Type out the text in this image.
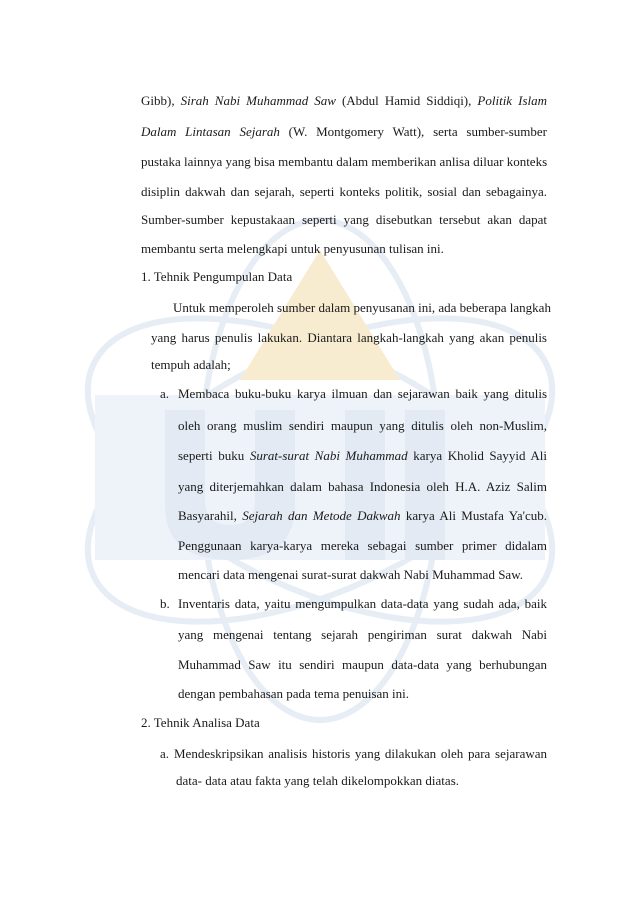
Gibb), Sirah Nabi Muhammad Saw (Abdul Hamid Siddiqi), Politik Islam
Dalam Lintasan Sejarah (W. Montgomery Watt), serta sumber-sumber
pustaka lainnya yang bisa membantu dalam memberikan anlisa diluar konteks
disiplin dakwah dan sejarah, seperti konteks politik, sosial dan sebagainya.
Sumber-sumber kepustakaan seperti yang disebutkan tersebut akan dapat
membantu serta melengkapi untuk penyusunan tulisan ini.
1. Tehnik Pengumpulan Data
Untuk memperoleh sumber dalam penyusanan ini, ada beberapa langkah
yang harus penulis lakukan. Diantara langkah-langkah yang akan penulis
tempuh adalah;
a. Membaca buku-buku karya ilmuan dan sejarawan baik yang ditulis
oleh orang muslim sendiri maupun yang ditulis oleh non-Muslim,
seperti buku Surat-surat Nabi Muhammad karya Kholid Sayyid Ali
yang diterjemahkan dalam bahasa Indonesia oleh H.A. Aziz Salim
Basyarahil, Sejarah dan Metode Dakwah karya Ali Mustafa Ya'cub.
Penggunaan karya-karya mereka sebagai sumber primer didalam
mencari data mengenai surat-surat dakwah Nabi Muhammad Saw.
b. Inventaris data, yaitu mengumpulkan data-data yang sudah ada, baik
yang mengenai tentang sejarah pengiriman surat dakwah Nabi
Muhammad Saw itu sendiri maupun data-data yang berhubungan
dengan pembahasan pada tema penuisan ini.
2. Tehnik Analisa Data
a. Mendeskripsikan analisis historis yang dilakukan oleh para sejarawan
data- data atau fakta yang telah dikelompokkan diatas.
